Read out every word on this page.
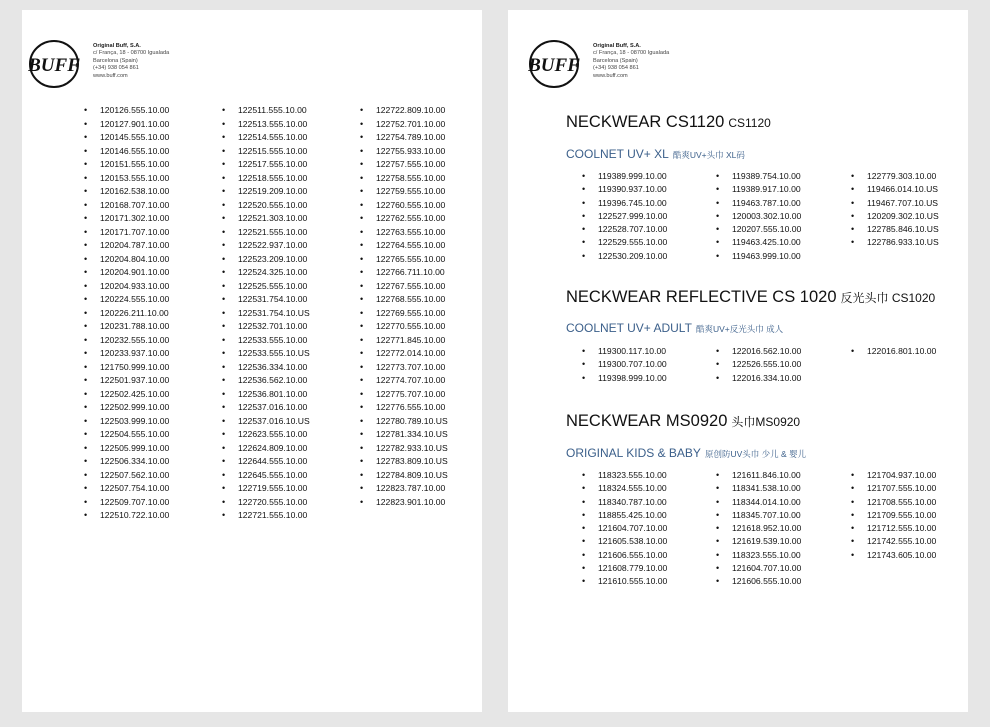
BUFF
Original Buff, S.A.
c/ França, 18 - 08700 Igualada
Barcelona (Spain)
(+34) 938 054 861
www.buff.com
• 120126.555.10.00
• 120127.901.10.00
• 120145.555.10.00
• 120146.555.10.00
• 120151.555.10.00
• 120153.555.10.00
• 120162.538.10.00
• 120168.707.10.00
• 120171.302.10.00
• 120171.707.10.00
• 120204.787.10.00
• 120204.804.10.00
• 120204.901.10.00
• 120204.933.10.00
• 120224.555.10.00
• 120226.211.10.00
• 120231.788.10.00
• 120232.555.10.00
• 120233.937.10.00
• 121750.999.10.00
• 122501.937.10.00
• 122502.425.10.00
• 122502.999.10.00
• 122503.999.10.00
• 122504.555.10.00
• 122505.999.10.00
• 122506.334.10.00
• 122507.562.10.00
• 122507.754.10.00
• 122509.707.10.00
• 122510.722.10.00
• 122511.555.10.00
• 122513.555.10.00
• 122514.555.10.00
• 122515.555.10.00
• 122517.555.10.00
• 122518.555.10.00
• 122519.209.10.00
• 122520.555.10.00
• 122521.303.10.00
• 122521.555.10.00
• 122522.937.10.00
• 122523.209.10.00
• 122524.325.10.00
• 122525.555.10.00
• 122531.754.10.00
• 122531.754.10.US
• 122532.701.10.00
• 122533.555.10.00
• 122533.555.10.US
• 122536.334.10.00
• 122536.562.10.00
• 122536.801.10.00
• 122537.016.10.00
• 122537.016.10.US
• 122623.555.10.00
• 122624.809.10.00
• 122644.555.10.00
• 122645.555.10.00
• 122719.555.10.00
• 122720.555.10.00
• 122721.555.10.00
• 122722.809.10.00
• 122752.701.10.00
• 122754.789.10.00
• 122755.933.10.00
• 122757.555.10.00
• 122758.555.10.00
• 122759.555.10.00
• 122760.555.10.00
• 122762.555.10.00
• 122763.555.10.00
• 122764.555.10.00
• 122765.555.10.00
• 122766.711.10.00
• 122767.555.10.00
• 122768.555.10.00
• 122769.555.10.00
• 122770.555.10.00
• 122771.845.10.00
• 122772.014.10.00
• 122773.707.10.00
• 122774.707.10.00
• 122775.707.10.00
• 122776.555.10.00
• 122780.789.10.US
• 122781.334.10.US
• 122782.933.10.US
• 122783.809.10.US
• 122784.809.10.US
• 122823.787.10.00
• 122823.901.10.00
BUFF
Original Buff, S.A.
c/ França, 18 - 08700 Igualada
Barcelona (Spain)
(+34) 938 054 861
www.buff.com
NECKWEAR CS1120 CS1120
COOLNET UV+ XL 酷爽UV+头巾 XL码
• 119389.999.10.00
• 119390.937.10.00
• 119396.745.10.00
• 122527.999.10.00
• 122528.707.10.00
• 122529.555.10.00
• 122530.209.10.00
• 119389.754.10.00
• 119389.917.10.00
• 119463.787.10.00
• 120003.302.10.00
• 120207.555.10.00
• 119463.425.10.00
• 119463.999.10.00
• 122779.303.10.00
• 119466.014.10.US
• 119467.707.10.US
• 120209.302.10.US
• 122785.846.10.US
• 122786.933.10.US
NECKWEAR REFLECTIVE CS 1020 反光头巾 CS1020
COOLNET UV+ ADULT 酷爽UV+反光头巾 成人
• 119300.117.10.00
• 119300.707.10.00
• 119398.999.10.00
• 122016.562.10.00
• 122526.555.10.00
• 122016.334.10.00
• 122016.801.10.00
NECKWEAR MS0920 头巾MS0920
ORIGINAL KIDS & BABY 原创防UV头巾 少儿 & 婴儿
• 118323.555.10.00
• 118324.555.10.00
• 118340.787.10.00
• 118855.425.10.00
• 121604.707.10.00
• 121605.538.10.00
• 121606.555.10.00
• 121608.779.10.00
• 121610.555.10.00
• 121611.846.10.00
• 118341.538.10.00
• 118344.014.10.00
• 118345.707.10.00
• 121618.952.10.00
• 121619.539.10.00
• 118323.555.10.00
• 121604.707.10.00
• 121606.555.10.00
• 121704.937.10.00
• 121707.555.10.00
• 121708.555.10.00
• 121709.555.10.00
• 121712.555.10.00
• 121742.555.10.00
• 121743.605.10.00
